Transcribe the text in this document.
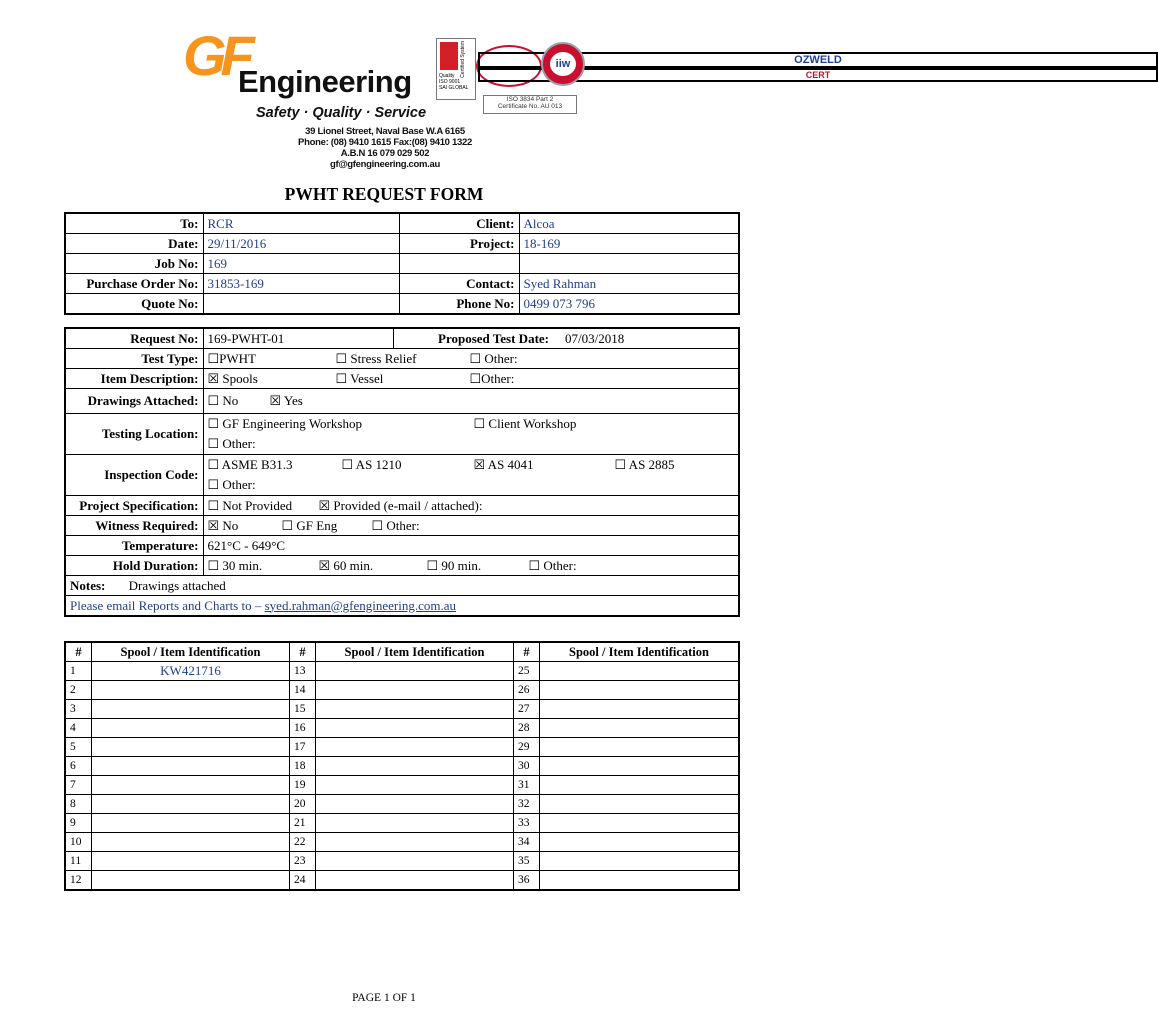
GF
Engineering
Safety · Quality · Service
39 Lionel Street, Naval Base W.A 6165
Phone: (08) 9410 1615 Fax:(08) 9410 1322
A.B.N 16 079 029 502
gf@gfengineering.com.au
Certified System
Quality
ISO 9001
SAI GLOBAL
OZWELD
CERT
iiw
ISO 3834 Part 2
Certificate No. AU 013
PWHT REQUEST FORM
To:	RCR	Client:	Alcoa
Date:	29/11/2016	Project:	18-169
Job No:	169		
Purchase Order No:	31853-169	Contact:	Syed Rahman
Quote No:		Phone No:	0499 073 796
Request No:	169-PWHT-01	Proposed Test Date:	07/03/2018
Test Type:	☐PWHT ☐ Stress Relief ☐ Other:		
Item Description:	☒ Spools ☐ Vessel ☐Other:		
Drawings Attached:	☐ No ☒ Yes		
Testing Location:	☐ GF Engineering Workshop ☐ Client Workshop
☐ Other:		
Inspection Code:	☐ ASME B31.3 ☐ AS 1210 ☒ AS 4041 ☐ AS 2885
☐ Other:		
Project Specification:	☐ Not Provided ☒ Provided (e-mail / attached):		
Witness Required:	☒ No ☐ GF Eng ☐ Other:		
Temperature:	621°C - 649°C		
Hold Duration:	☐ 30 min. ☒ 60 min. ☐ 90 min. ☐ Other:		
Notes: Drawings attached			
Please email Reports and Charts to – syed.rahman@gfengineering.com.au			
#	Spool / Item Identification	#	Spool / Item Identification	#	Spool / Item Identification
1	KW421716	13		25	
2		14		26	
3		15		27	
4		16		28	
5		17		29	
6		18		30	
7		19		31	
8		20		32	
9		21		33	
10		22		34	
11		23		35	
12		24		36	
PAGE 1 OF 1
